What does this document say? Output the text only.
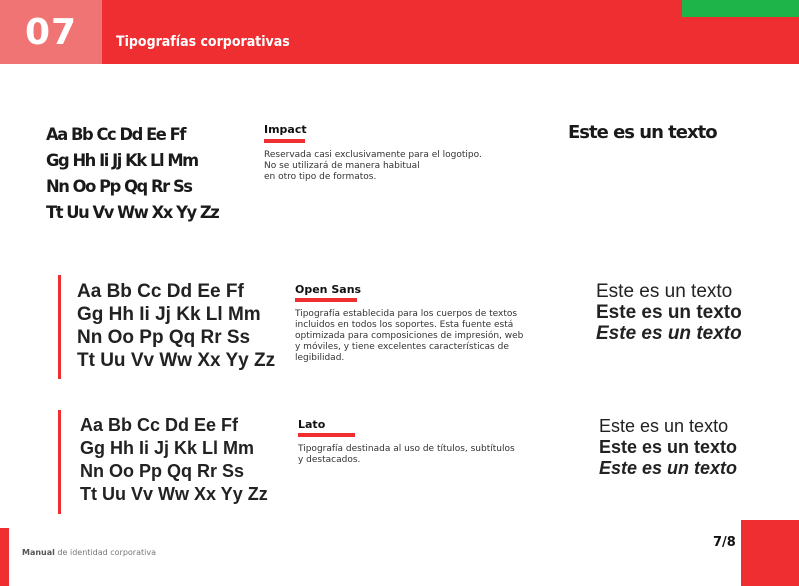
07	Tipografías corporativas
Aa Bb Cc Dd Ee Ff
Gg Hh Ii Jj Kk Ll Mm
Nn Oo Pp Qq Rr Ss
Tt Uu Vv Ww Xx Yy Zz
Impact
Reservada casi exclusivamente para el logotipo.
No se utilizará de manera habitual
en otro tipo de formatos.
Este es un texto
Aa Bb Cc Dd Ee Ff
Gg Hh Ii Jj Kk Ll Mm
Nn Oo Pp Qq Rr Ss
Tt Uu Vv Ww Xx Yy Zz
Open Sans
Tipografía establecida para los cuerpos de textos
incluidos en todos los soportes. Esta fuente está
optimizada para composiciones de impresión, web
y móviles, y tiene excelentes características de
legibilidad.
Este es un texto
Este es un texto
Este es un texto
Aa Bb Cc Dd Ee Ff
Gg Hh Ii Jj Kk Ll Mm
Nn Oo Pp Qq Rr Ss
Tt Uu Vv Ww Xx Yy Zz
Lato
Tipografía destinada al uso de títulos, subtítulos
y destacados.
Este es un texto
Este es un texto
Este es un texto
Manual de identidad corporativa
7/8
